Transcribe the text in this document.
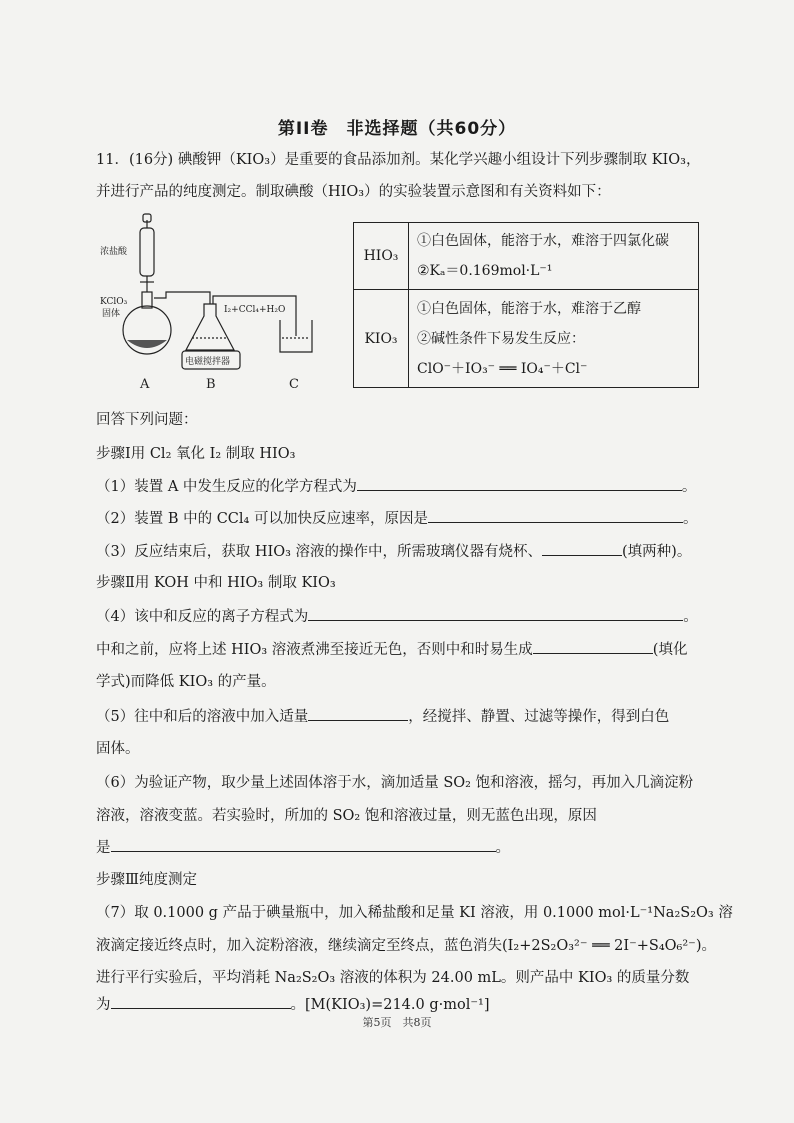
第II卷　非选择题（共60分）
11．(16分) 碘酸钾（KIO₃）是重要的食品添加剂。某化学兴趣小组设计下列步骤制取 KIO₃，
并进行产品的纯度测定。制取碘酸（HIO₃）的实验装置示意图和有关资料如下：
浓盐酸
KClO₃
固体	I₂+CCl₄+H₂O
电磁搅拌器
A	B	C
HIO₃	①白色固体，能溶于水，难溶于四氯化碳
②Kₐ＝0.169mol·L⁻¹

KIO₃	①白色固体，能溶于水，难溶于乙醇
②碱性条件下易发生反应：
ClO⁻＋IO₃⁻ ══ IO₄⁻＋Cl⁻
回答下列问题：
步骤Ⅰ用 Cl₂ 氧化 I₂ 制取 HIO₃
（1）装置 A 中发生反应的化学方程式为	。
（2）装置 B 中的 CCl₄ 可以加快反应速率，原因是	。
（3）反应结束后，获取 HIO₃ 溶液的操作中，所需玻璃仪器有烧杯、	(填两种)。
步骤Ⅱ用 KOH 中和 HIO₃ 制取 KIO₃
（4）该中和反应的离子方程式为	。
中和之前，应将上述 HIO₃ 溶液煮沸至接近无色，否则中和时易生成	(填化
学式)而降低 KIO₃ 的产量。
（5）往中和后的溶液中加入适量	，经搅拌、静置、过滤等操作，得到白色
固体。
（6）为验证产物，取少量上述固体溶于水，滴加适量 SO₂ 饱和溶液，摇匀，再加入几滴淀粉
溶液，溶液变蓝。若实验时，所加的 SO₂ 饱和溶液过量，则无蓝色出现，原因
是	。
步骤Ⅲ纯度测定
（7）取 0.1000 g 产品于碘量瓶中，加入稀盐酸和足量 KI 溶液，用 0.1000 mol·L⁻¹Na₂S₂O₃ 溶
液滴定接近终点时，加入淀粉溶液，继续滴定至终点，蓝色消失(I₂+2S₂O₃²⁻ ══ 2I⁻+S₄O₆²⁻)。
进行平行实验后，平均消耗 Na₂S₂O₃ 溶液的体积为 24.00 mL。则产品中 KIO₃ 的质量分数
为	。[M(KIO₃)=214.0 g·mol⁻¹]
第5页　共8页
